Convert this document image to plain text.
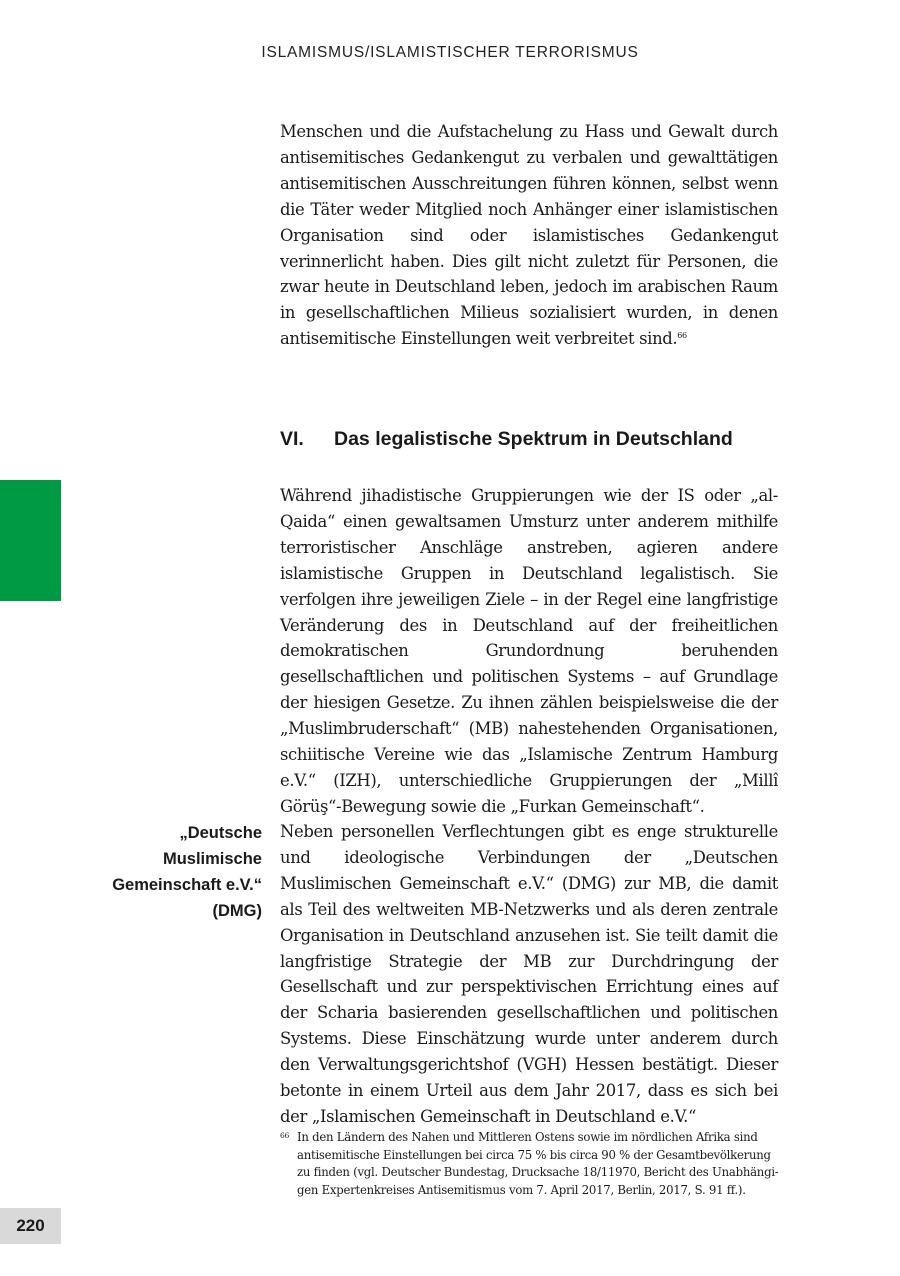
ISLAMISMUS/ISLAMISTISCHER TERRORISMUS

Menschen und die Aufstachelung zu Hass und Gewalt durch antisemitisches Gedankengut zu verbalen und gewalttätigen antisemitischen Ausschreitungen führen können, selbst wenn die Täter weder Mitglied noch Anhänger einer islamistischen Organisation sind oder islamistisches Gedankengut verinnerlicht haben. Dies gilt nicht zuletzt für Personen, die zwar heute in Deutschland leben, jedoch im arabischen Raum in gesellschaftlichen Milieus sozialisiert wurden, in denen antisemitische Einstellungen weit verbreitet sind.$^{66}$

VI.	Das legalistische Spektrum in Deutschland

Während jihadistische Gruppierungen wie der IS oder „al-Qaida“ einen gewaltsamen Umsturz unter anderem mithilfe terroristischer Anschläge anstreben, agieren andere islamistische Gruppen in Deutschland legalistisch. Sie verfolgen ihre jeweiligen Ziele – in der Regel eine langfristige Veränderung des in Deutschland auf der freiheitlichen demokratischen Grundordnung beruhenden gesellschaftlichen und politischen Systems – auf Grundlage der hiesigen Gesetze. Zu ihnen zählen beispielsweise die der „Muslimbruderschaft“ (MB) nahestehenden Organisationen, schiitische Vereine wie das „Islamische Zentrum Hamburg e.V.“ (IZH), unterschiedliche Gruppierungen der „Millî Görüş“-Bewegung sowie die „Furkan Gemeinschaft“.

„Deutsche
Muslimische
Gemeinschaft e.V.“
(DMG)

Neben personellen Verflechtungen gibt es enge strukturelle und ideologische Verbindungen der „Deutschen Muslimischen Gemeinschaft e.V.“ (DMG) zur MB, die damit als Teil des weltweiten MB-Netzwerks und als deren zentrale Organisation in Deutschland anzusehen ist. Sie teilt damit die langfristige Strategie der MB zur Durchdringung der Gesellschaft und zur perspektivischen Errichtung eines auf der Scharia basierenden gesellschaftlichen und politischen Systems. Diese Einschätzung wurde unter anderem durch den Verwaltungsgerichtshof (VGH) Hessen bestätigt. Dieser betonte in einem Urteil aus dem Jahr 2017, dass es sich bei der „Islamischen Gemeinschaft in Deutschland e.V.“

66 In den Ländern des Nahen und Mittleren Ostens sowie im nördlichen Afrika sind
antisemitische Einstellungen bei circa 75 % bis circa 90 % der Gesamtbevölkerung
zu finden (vgl. Deutscher Bundestag, Drucksache 18/11970, Bericht des Unabhängi-
gen Expertenkreises Antisemitismus vom 7. April 2017, Berlin, 2017, S. 91 ff.).
220
